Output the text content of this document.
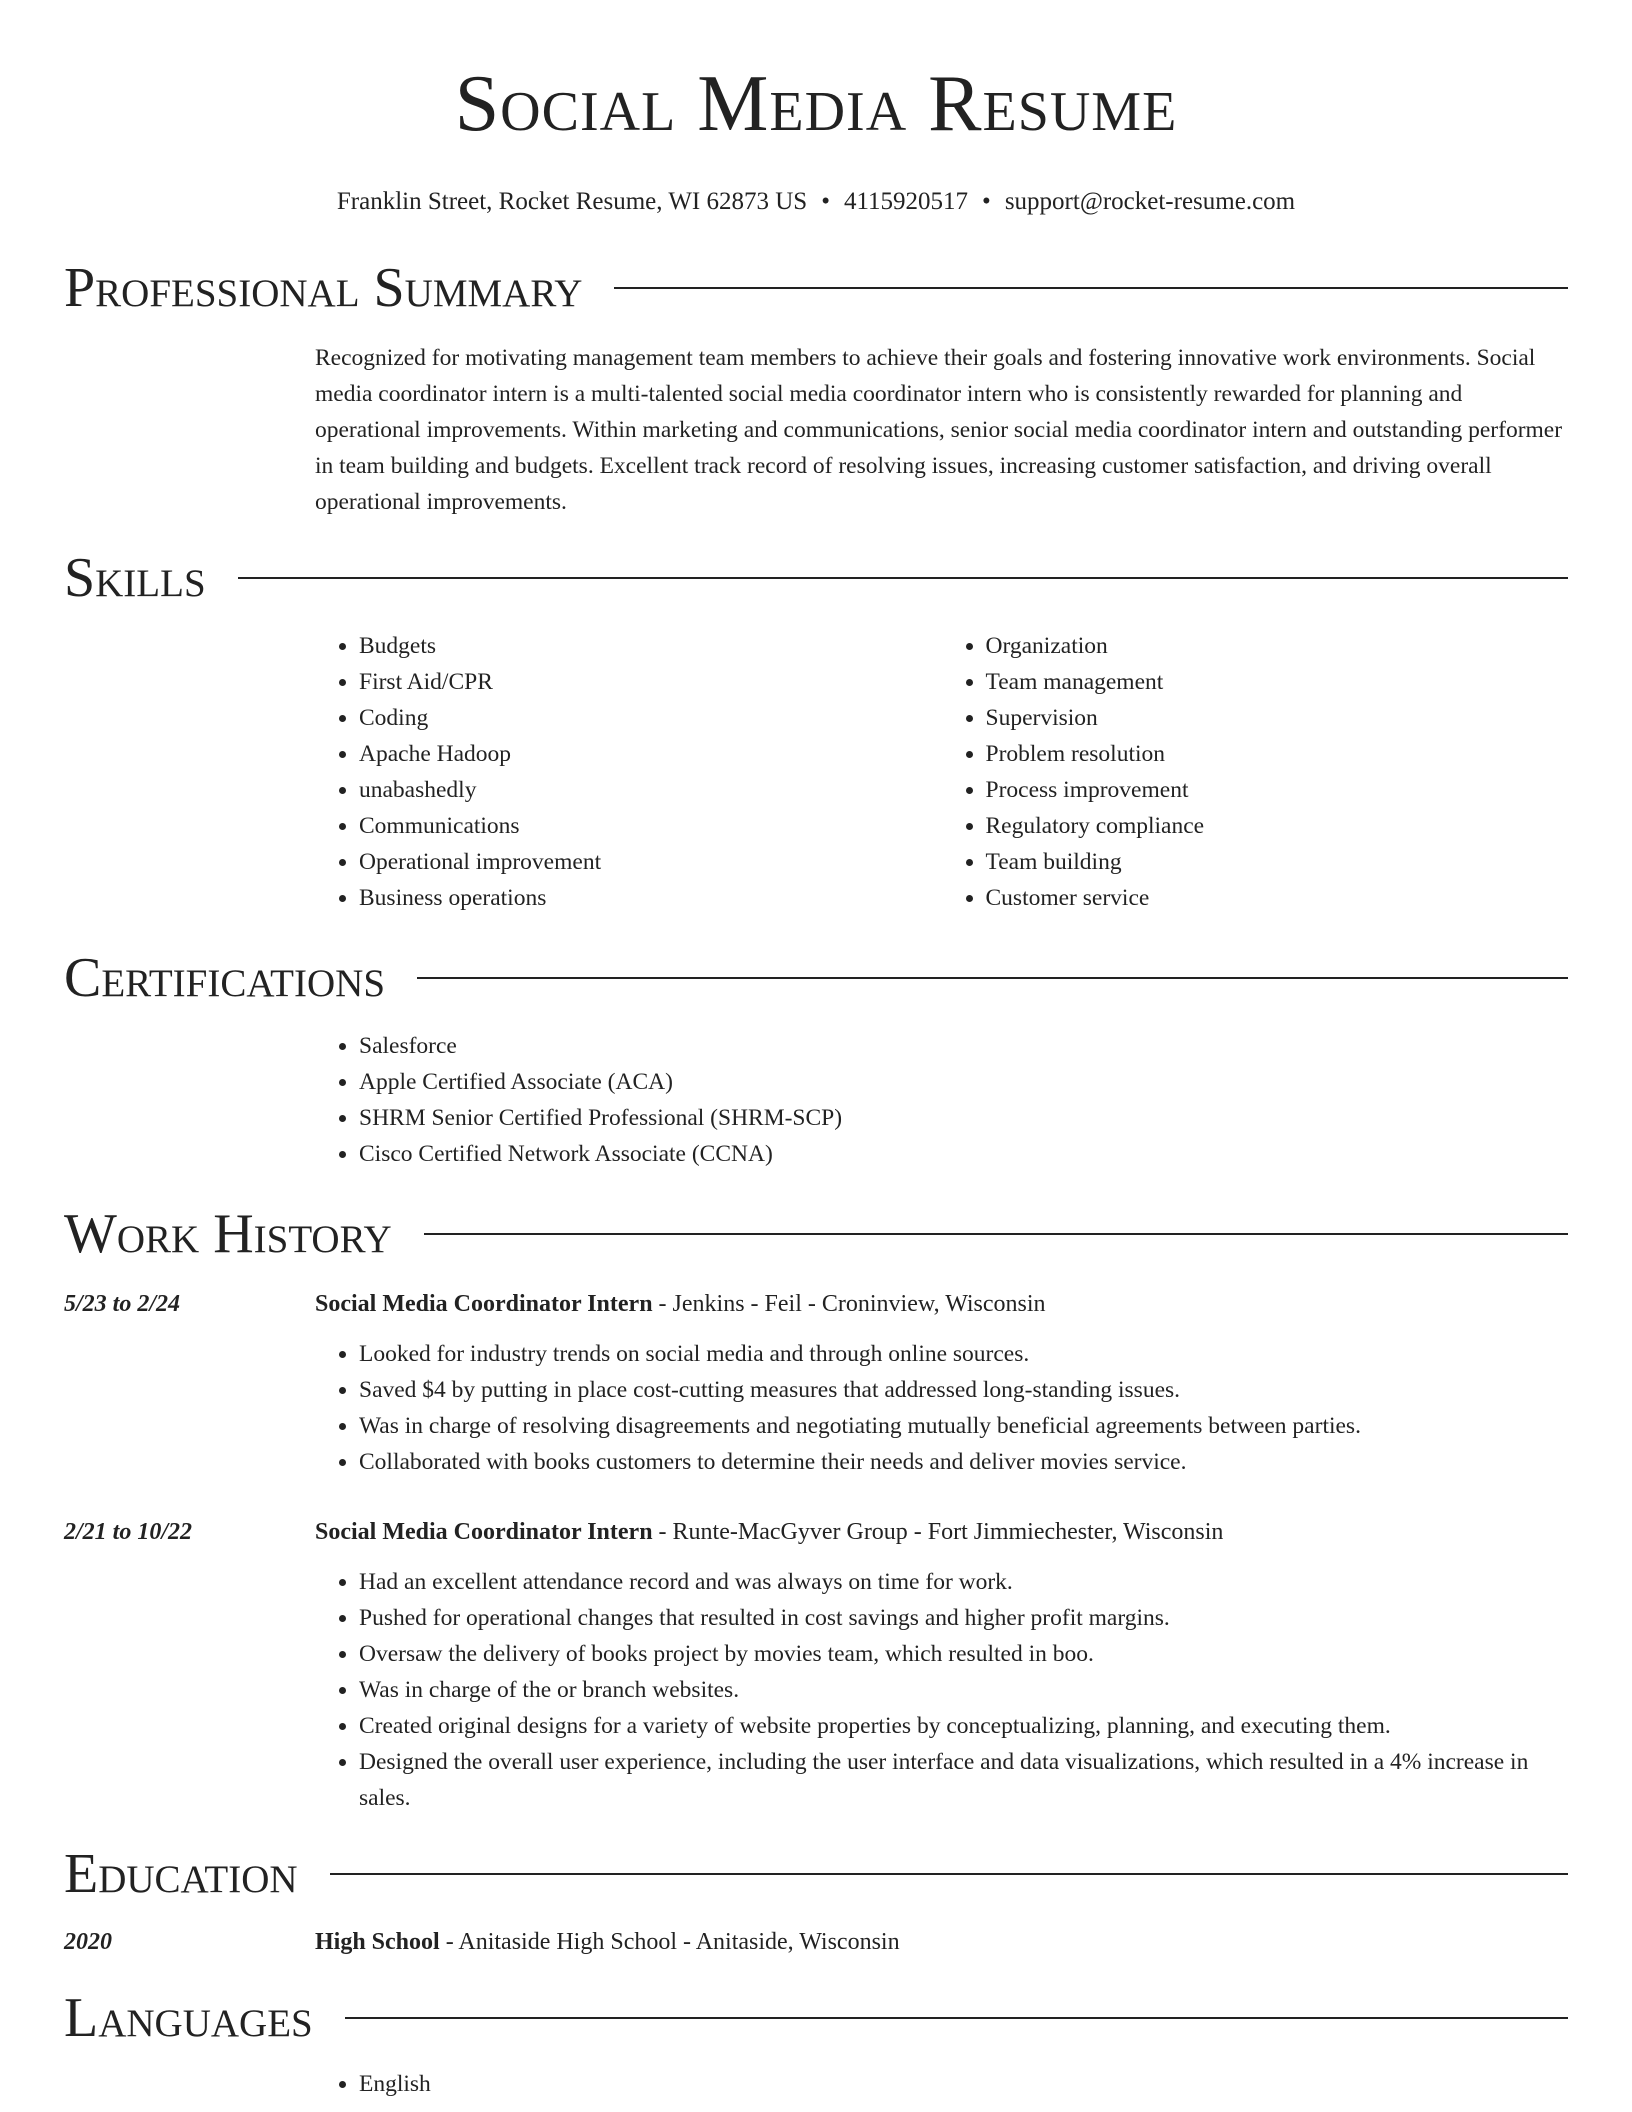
Social Media Resume
Franklin Street, Rocket Resume, WI 62873 US • 4115920517 • support@rocket-resume.com
Professional Summary
Recognized for motivating management team members to achieve their goals and fostering innovative work environments. Social media coordinator intern is a multi-talented social media coordinator intern who is consistently rewarded for planning and operational improvements. Within marketing and communications, senior social media coordinator intern and outstanding performer in team building and budgets. Excellent track record of resolving issues, increasing customer satisfaction, and driving overall operational improvements.
Skills
• Budgets
• First Aid/CPR
• Coding
• Apache Hadoop
• unabashedly
• Communications
• Operational improvement
• Business operations
• Organization
• Team management
• Supervision
• Problem resolution
• Process improvement
• Regulatory compliance
• Team building
• Customer service
Certifications
• Salesforce
• Apple Certified Associate (ACA)
• SHRM Senior Certified Professional (SHRM-SCP)
• Cisco Certified Network Associate (CCNA)
Work History
5/23 to 2/24	Social Media Coordinator Intern - Jenkins - Feil - Croninview, Wisconsin
• Looked for industry trends on social media and through online sources.
• Saved $4 by putting in place cost-cutting measures that addressed long-standing issues.
• Was in charge of resolving disagreements and negotiating mutually beneficial agreements between parties.
• Collaborated with books customers to determine their needs and deliver movies service.
2/21 to 10/22	Social Media Coordinator Intern - Runte-MacGyver Group - Fort Jimmiechester, Wisconsin
• Had an excellent attendance record and was always on time for work.
• Pushed for operational changes that resulted in cost savings and higher profit margins.
• Oversaw the delivery of books project by movies team, which resulted in boo.
• Was in charge of the or branch websites.
• Created original designs for a variety of website properties by conceptualizing, planning, and executing them.
• Designed the overall user experience, including the user interface and data visualizations, which resulted in a 4% increase in sales.
Education
2020	High School - Anitaside High School - Anitaside, Wisconsin
Languages
• English
